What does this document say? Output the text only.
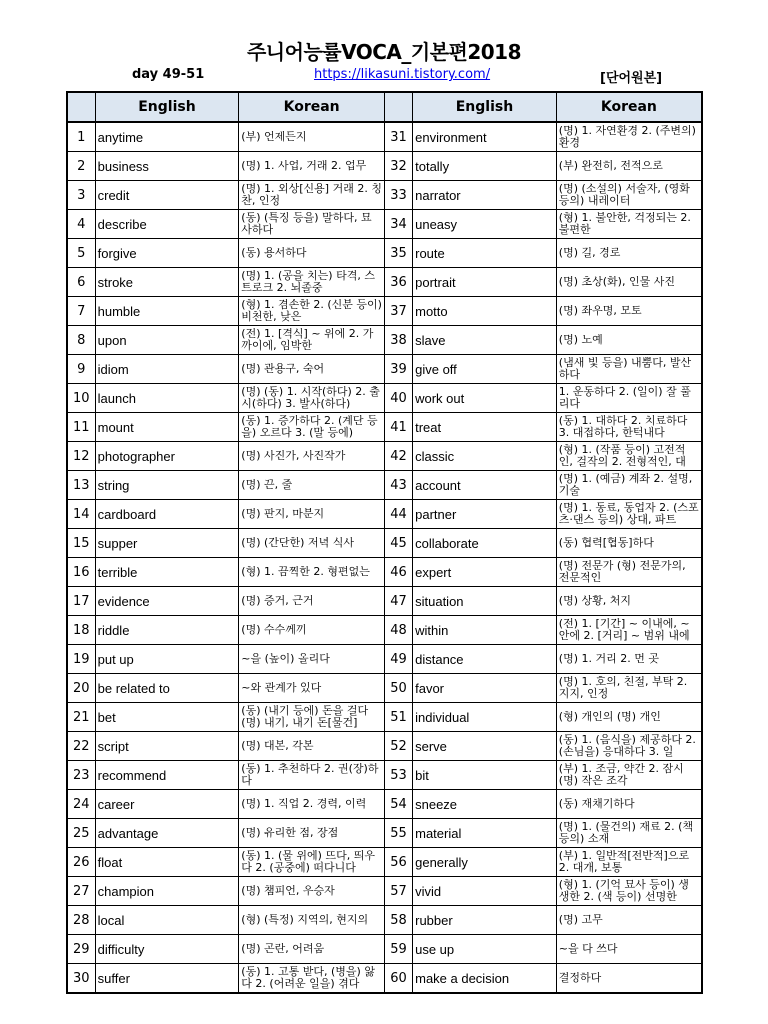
주니어능률VOCA_기본편2018
day 49-51	https://likasuni.tistory.com/	[단어원본]
	English	Korean		English	Korean
1	anytime	(부) 언제든지	31	environment	(명) 1. 자연환경 2. (주변의) 환경

2	business	(명) 1. 사업, 거래 2. 업무	32	totally	(부) 완전히, 전적으로

3	credit	(명) 1. 외상[신용] 거래 2. 칭찬, 인정	33	narrator	(명) (소설의) 서술자, (영화 등의) 내레이터

4	describe	(동) (특징 등을) 말하다, 묘사하다	34	uneasy	(형) 1. 불안한, 걱정되는 2. 불편한

5	forgive	(동) 용서하다	35	route	(명) 길, 경로

6	stroke	(명) 1. (공을 치는) 타격, 스트로크 2. 뇌졸중	36	portrait	(명) 초상(화), 인물 사진

7	humble	(형) 1. 겸손한 2. (신분 등이) 비천한, 낮은	37	motto	(명) 좌우명, 모토

8	upon	(전) 1. [격식] ~ 위에 2. 가까이에, 임박한	38	slave	(명) 노예

9	idiom	(명) 관용구, 숙어	39	give off	(냄새 빛 등을) 내뿜다, 발산하다

10	launch	(명) (동) 1. 시작(하다) 2. 출시(하다) 3. 발사(하다)	40	work out	1. 운동하다 2. (일이) 잘 풀리다

11	mount	(동) 1. 증가하다 2. (계단 등을) 오르다 3. (말 등에)	41	treat	(동) 1. 대하다 2. 치료하다 3. 대접하다, 한턱내다

12	photographer	(명) 사진가, 사진작가	42	classic	(형) 1. (작품 등이) 고전적인, 걸작의 2. 전형적인, 대

13	string	(명) 끈, 줄	43	account	(명) 1. (예금) 계좌 2. 설명, 기술

14	cardboard	(명) 판지, 마분지	44	partner	(명) 1. 동료, 동업자 2. (스포츠·댄스 등의) 상대, 파트

15	supper	(명) (간단한) 저녁 식사	45	collaborate	(동) 협력[협동]하다

16	terrible	(형) 1. 끔찍한 2. 형편없는	46	expert	(명) 전문가 (형) 전문가의, 전문적인

17	evidence	(명) 증거, 근거	47	situation	(명) 상황, 처지

18	riddle	(명) 수수께끼	48	within	(전) 1. [기간] ~ 이내에, ~ 안에 2. [거리] ~ 범위 내에

19	put up	~을 (높이) 올리다	49	distance	(명) 1. 거리 2. 먼 곳

20	be related to	~와 관계가 있다	50	favor	(명) 1. 호의, 친절, 부탁 2. 지지, 인정

21	bet	(동) (내기 등에) 돈을 걸다 (명) 내기, 내기 돈[물건]	51	individual	(형) 개인의 (명) 개인

22	script	(명) 대본, 각본	52	serve	(동) 1. (음식을) 제공하다 2. (손님을) 응대하다 3. 일

23	recommend	(동) 1. 추천하다 2. 권(장)하다	53	bit	(부) 1. 조금, 약간 2. 잠시 (명) 작은 조각

24	career	(명) 1. 직업 2. 경력, 이력	54	sneeze	(동) 재채기하다

25	advantage	(명) 유리한 점, 장점	55	material	(명) 1. (물건의) 재료 2. (책 등의) 소재

26	float	(동) 1. (물 위에) 뜨다, 띄우다 2. (공중에) 떠다니다	56	generally	(부) 1. 일반적[전반적]으로 2. 대개, 보통

27	champion	(명) 챔피언, 우승자	57	vivid	(형) 1. (기억 묘사 등이) 생생한 2. (색 등이) 선명한

28	local	(형) (특정) 지역의, 현지의	58	rubber	(명) 고무

29	difficulty	(명) 곤란, 어려움	59	use up	~을 다 쓰다

30	suffer	(동) 1. 고통 받다, (병을) 앓다 2. (어려운 일을) 겪다	60	make a decision	결정하다
